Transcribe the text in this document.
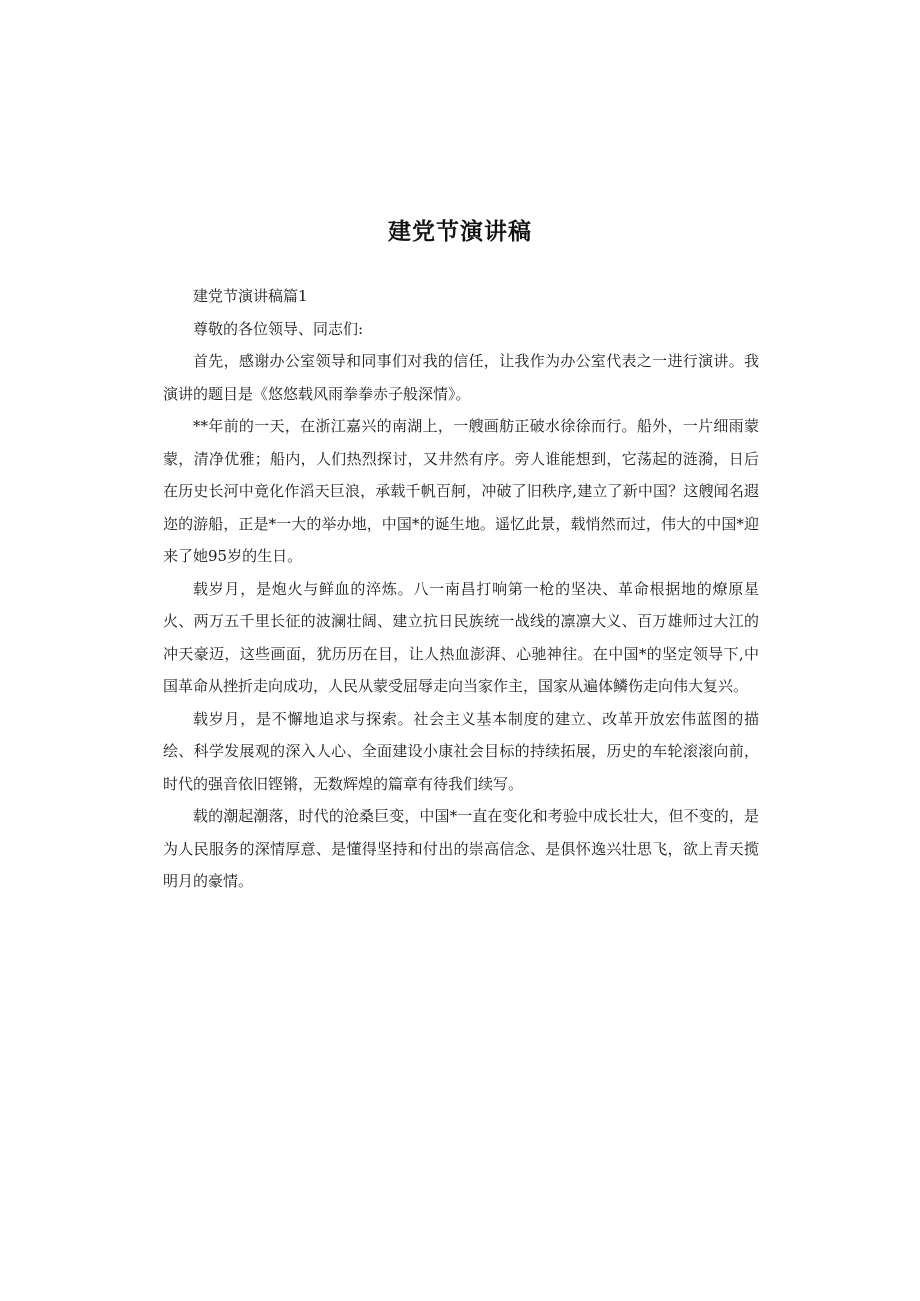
建党节演讲稿

建党节演讲稿篇1

尊敬的各位领导、同志们:

首先，感谢办公室领导和同事们对我的信任，让我作为办公室代表之一进行演讲。我演讲的题目是《悠悠载风雨拳拳赤子般深情》。

**年前的一天，在浙江嘉兴的南湖上，一艘画舫正破水徐徐而行。船外，一片细雨蒙蒙，清净优雅；船内，人们热烈探讨，又井然有序。旁人谁能想到，它荡起的涟漪，日后在历史长河中竟化作滔天巨浪，承载千帆百舸，冲破了旧秩序,建立了新中国？这艘闻名遐迩的游船，正是*一大的举办地，中国*的诞生地。遥忆此景，载悄然而过，伟大的中国*迎来了她95岁的生日。

载岁月，是炮火与鲜血的淬炼。八一南昌打响第一枪的坚决、革命根据地的燎原星火、两万五千里长征的波澜壮阔、建立抗日民族统一战线的凛凛大义、百万雄师过大江的冲天豪迈，这些画面，犹历历在目，让人热血澎湃、心驰神往。在中国*的坚定领导下,中国革命从挫折走向成功，人民从蒙受屈辱走向当家作主，国家从遍体鳞伤走向伟大复兴。

载岁月，是不懈地追求与探索。社会主义基本制度的建立、改革开放宏伟蓝图的描绘、科学发展观的深入人心、全面建设小康社会目标的持续拓展，历史的车轮滚滚向前，时代的强音依旧铿锵，无数辉煌的篇章有待我们续写。

载的潮起潮落，时代的沧桑巨变，中国*一直在变化和考验中成长壮大，但不变的，是为人民服务的深情厚意、是懂得坚持和付出的崇高信念、是俱怀逸兴壮思飞，欲上青天揽明月的豪情。
